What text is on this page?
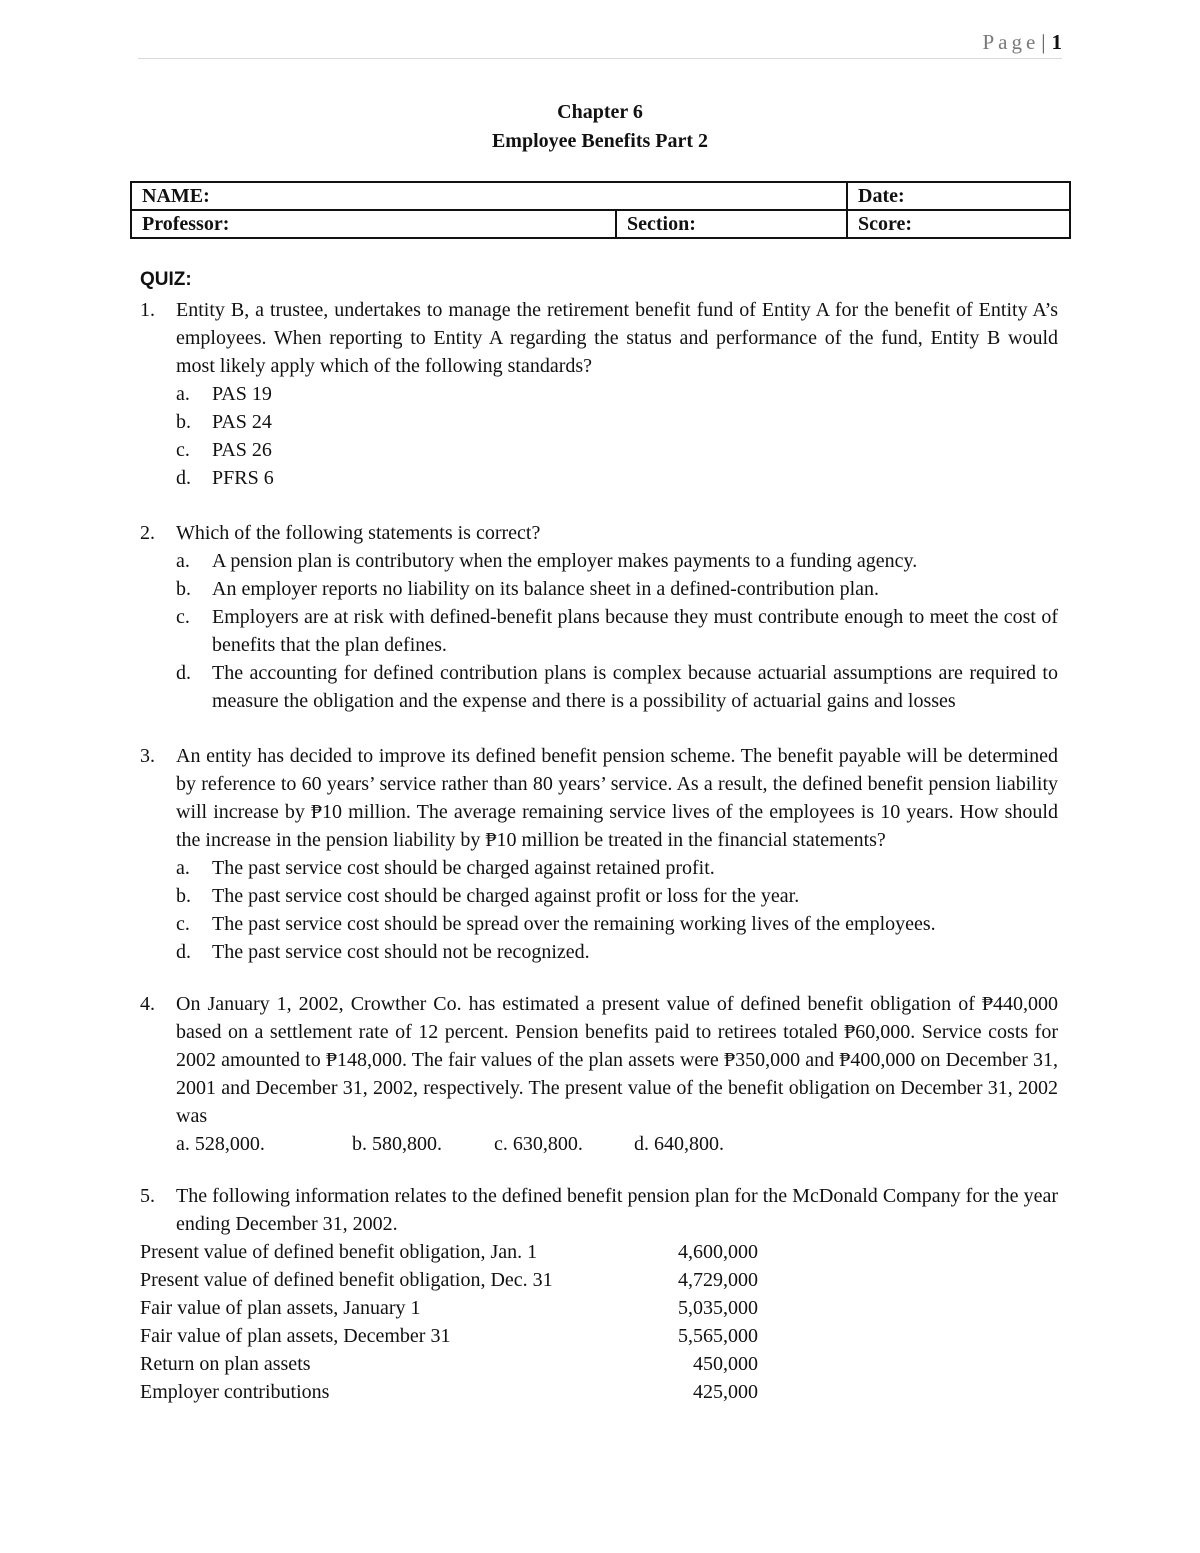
Page| 1
Chapter 6
Employee Benefits Part 2
NAME:		Date:
Professor:	Section:	Score:
QUIZ:
1.	Entity B, a trustee, undertakes to manage the retirement benefit fund of Entity A for the benefit of Entity A’s employees. When reporting to Entity A regarding the status and performance of the fund, Entity B would most likely apply which of the following standards?
a.	PAS 19
b.	PAS 24
c.	PAS 26
d.	PFRS 6
2.	Which of the following statements is correct?
a.	A pension plan is contributory when the employer makes payments to a funding agency.
b.	An employer reports no liability on its balance sheet in a defined-contribution plan.
c.	Employers are at risk with defined-benefit plans because they must contribute enough to meet the cost of benefits that the plan defines.
d.	The accounting for defined contribution plans is complex because actuarial assumptions are required to measure the obligation and the expense and there is a possibility of actuarial gains and losses
3.	An entity has decided to improve its defined benefit pension scheme. The benefit payable will be determined by reference to 60 years’ service rather than 80 years’ service. As a result, the defined benefit pension liability will increase by ₱10 million. The average remaining service lives of the employees is 10 years. How should the increase in the pension liability by ₱10 million be treated in the financial statements?
a.	The past service cost should be charged against retained profit.
b.	The past service cost should be charged against profit or loss for the year.
c.	The past service cost should be spread over the remaining working lives of the employees.
d.	The past service cost should not be recognized.
4.	On January 1, 2002, Crowther Co. has estimated a present value of defined benefit obligation of ₱440,000 based on a settlement rate of 12 percent. Pension benefits paid to retirees totaled ₱60,000. Service costs for 2002 amounted to ₱148,000. The fair values of the plan assets were ₱350,000 and ₱400,000 on December 31, 2001 and December 31, 2002, respectively. The present value of the benefit obligation on December 31, 2002 was
a. 528,000.	b. 580,800.	c. 630,800.	d. 640,800.
5.	The following information relates to the defined benefit pension plan for the McDonald Company for the year ending December 31, 2002.
Present value of defined benefit obligation, Jan. 1	4,600,000
Present value of defined benefit obligation, Dec. 31	4,729,000
Fair value of plan assets, January 1	5,035,000
Fair value of plan assets, December 31	5,565,000
Return on plan assets	450,000
Employer contributions	425,000
